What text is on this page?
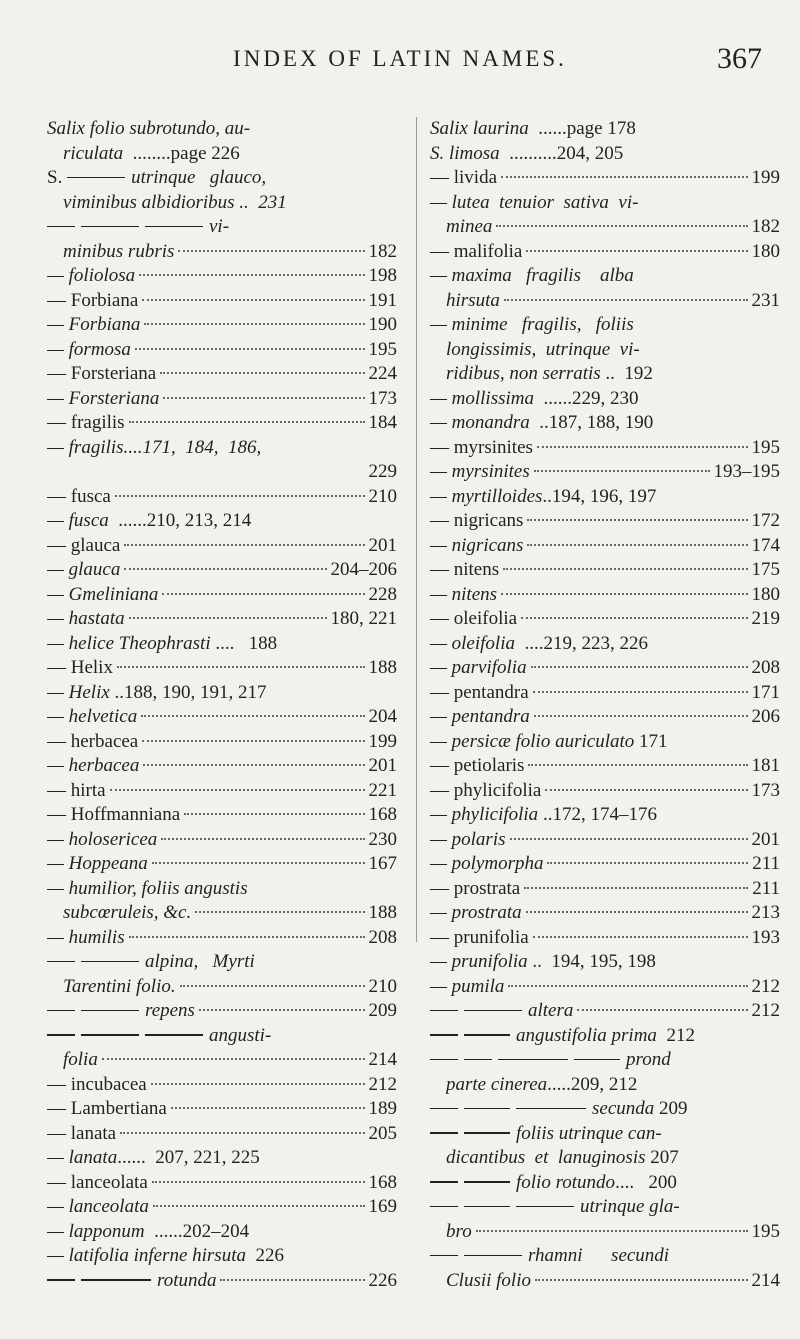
INDEX OF LATIN NAMES.	367
Salix folio subrotundo, au-
riculata  ........page 226
S.	utrinque   glauco,
viminibus albidioribus ..  231
vi-
minibus rubris	182
— foliolosa	198
— Forbiana	191
— Forbiana	190
— formosa	195
— Forsteriana	224
— Forsteriana	173
— fragilis	184
— fragilis....171,  184,  186,
229
— fusca	210
— fusca  ......210, 213, 214
— glauca	201
— glauca	204–206
— Gmeliniana	228
— hastata	180, 221
— helice Theophrasti ....   188
— Helix	188
— Helix ..188, 190, 191, 217
— helvetica	204
— herbacea	199
— herbacea	201
— hirta	221
— Hoffmanniana	168
— holosericea	230
— Hoppeana	167
— humilior, foliis angustis
subcœruleis, &c.	188
— humilis	208
alpina,   Myrti
Tarentini folio.	210
repens	209
angusti-
folia	214
— incubacea	212
— Lambertiana	189
— lanata	205
— lanata......  207, 221, 225
— lanceolata	168
— lanceolata	169
— lapponum  ......202–204
— latifolia inferne hirsuta  226
rotunda	226
Salix laurina  ......page 178
S. limosa  ..........204, 205
— livida	199
— lutea  tenuior  sativa  vi-
minea	182
— malifolia	180
— maxima   fragilis    alba
hirsuta	231
— minime   fragilis,   foliis
longissimis,  utrinque  vi-
ridibus, non serratis ..  192
— mollissima  ......229, 230
— monandra  ..187, 188, 190
— myrsinites	195
— myrsinites	193–195
— myrtilloides..194, 196, 197
— nigricans	172
— nigricans	174
— nitens	175
— nitens	180
— oleifolia	219
— oleifolia  ....219, 223, 226
— parvifolia	208
— pentandra	171
— pentandra	206
— persicæ folio auriculato 171
— petiolaris	181
— phylicifolia	173
— phylicifolia ..172, 174–176
— polaris	201
— polymorpha	211
— prostrata	211
— prostrata	213
— prunifolia	193
— prunifolia ..  194, 195, 198
— pumila	212
altera	212
angustifolia prima  212
prond
parte cinerea.....209, 212
secunda 209
foliis utrinque can-
dicantibus  et  lanuginosis 207
folio rotundo....   200
utrinque gla-
bro	195
rhamni      secundi
Clusii folio	214
